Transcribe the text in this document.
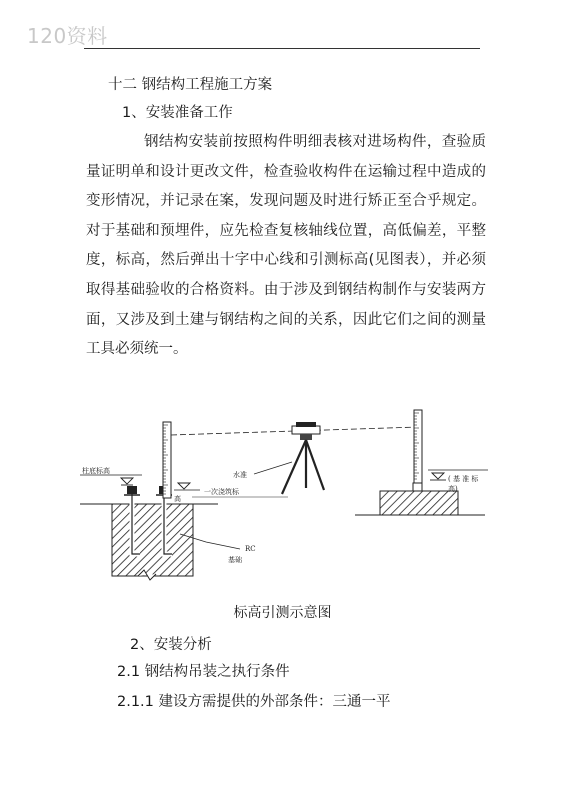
120资料
十二 钢结构工程施工方案
1、安装准备工作
钢结构安装前按照构件明细表核对进场构件，查验质量证明单和设计更改文件，检查验收构件在运输过程中造成的变形情况，并记录在案，发现问题及时进行矫正至合乎规定。对于基础和预埋件，应先检查复核轴线位置，高低偏差，平整度，标高，然后弹出十字中心线和引测标高(见图表），并必须取得基础验收的合格资料。由于涉及到钢结构制作与安装两方面，又涉及到土建与钢结构之间的关系，因此它们之间的测量工具必须统一。
柱底标高
一次浇筑标
高
RC
基础
水准	( 基 准 标
高)
标高引测示意图
2、安装分析
2.1 钢结构吊装之执行条件
2.1.1 建设方需提供的外部条件：三通一平
